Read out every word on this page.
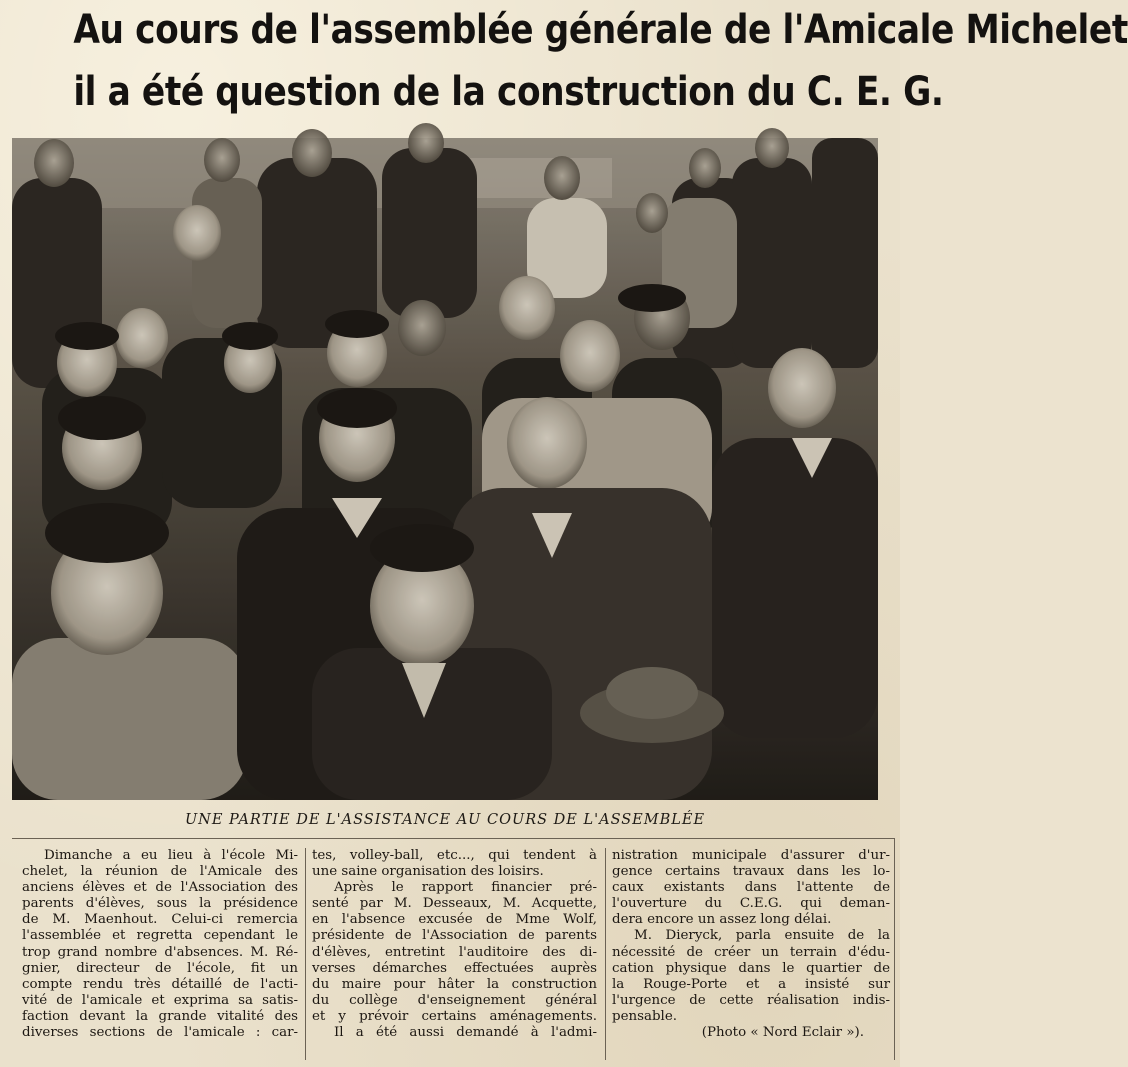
Au cours de l'assemblée générale de l'Amicale Michelet
il a été question de la construction du C. E. G.
UNE PARTIE DE L'ASSISTANCE AU COURS DE L'ASSEMBLÉE
Dimanche a eu lieu à l'école Mi-
chelet, la réunion de l'Amicale des
anciens élèves et de l'Association des
parents d'élèves, sous la présidence
de M. Maenhout. Celui-ci remercia
l'assemblée et regretta cependant le
trop grand nombre d'absences. M. Ré-
gnier, directeur de l'école, fit un
compte rendu très détaillé de l'acti-
vité de l'amicale et exprima sa satis-
faction devant la grande vitalité des
diverses sections de l'amicale : car-
tes, volley-ball, etc..., qui tendent à
une saine organisation des loisirs.
Après le rapport financier pré-
senté par M. Desseaux, M. Acquette,
en l'absence excusée de Mme Wolf,
présidente de l'Association de parents
d'élèves, entretint l'auditoire des di-
verses démarches effectuées auprès
du maire pour hâter la construction
du collège d'enseignement général
et y prévoir certains aménagements.
Il a été aussi demandé à l'admi-
nistration municipale d'assurer d'ur-
gence certains travaux dans les lo-
caux existants dans l'attente de
l'ouverture du C.E.G. qui deman-
dera encore un assez long délai.
M. Dieryck, parla ensuite de la
nécessité de créer un terrain d'édu-
cation physique dans le quartier de
la Rouge-Porte et a insisté sur
l'urgence de cette réalisation indis-
pensable.
(Photo « Nord Eclair »).
